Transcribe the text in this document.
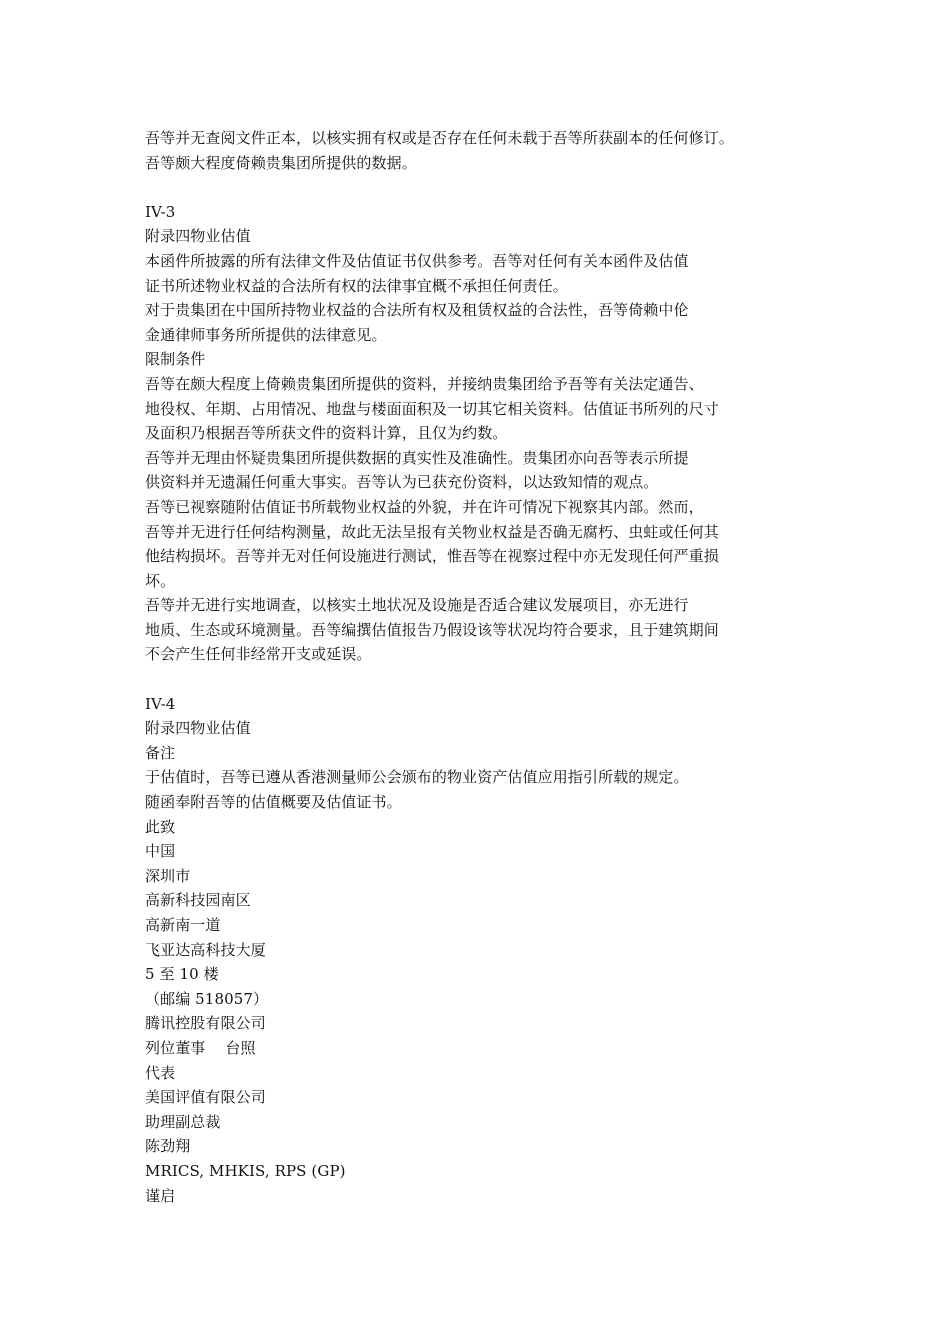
吾等并无查阅文件正本，以核实拥有权或是否存在任何未载于吾等所获副本的任何修订。
吾等颇大程度倚赖贵集团所提供的数据。
IV-3
附录四物业估值
本函件所披露的所有法律文件及估值证书仅供参考。吾等对任何有关本函件及估值
证书所述物业权益的合法所有权的法律事宜概不承担任何责任。
对于贵集团在中国所持物业权益的合法所有权及租赁权益的合法性，吾等倚赖中伦
金通律师事务所所提供的法律意见。
限制条件
吾等在颇大程度上倚赖贵集团所提供的资料，并接纳贵集团给予吾等有关法定通告、
地役权、年期、占用情况、地盘与楼面面积及一切其它相关资料。估值证书所列的尺寸
及面积乃根据吾等所获文件的资料计算，且仅为约数。
吾等并无理由怀疑贵集团所提供数据的真实性及准确性。贵集团亦向吾等表示所提
供资料并无遗漏任何重大事实。吾等认为已获充份资料，以达致知情的观点。
吾等已视察随附估值证书所载物业权益的外貌，并在许可情况下视察其内部。然而，
吾等并无进行任何结构测量，故此无法呈报有关物业权益是否确无腐朽、虫蛀或任何其
他结构损坏。吾等并无对任何设施进行测试，惟吾等在视察过程中亦无发现任何严重损
坏。
吾等并无进行实地调查，以核实土地状况及设施是否适合建议发展项目，亦无进行
地质、生态或环境测量。吾等编撰估值报告乃假设该等状况均符合要求，且于建筑期间
不会产生任何非经常开支或延误。
IV-4
附录四物业估值
备注
于估值时，吾等已遵从香港测量师公会颁布的物业资产估值应用指引所载的规定。
随函奉附吾等的估值概要及估值证书。
此致
中国
深圳市
高新科技园南区
高新南一道
飞亚达高科技大厦
5 至 10 楼
（邮编 518057）
腾讯控股有限公司
列位董事　 台照
代表
美国评值有限公司
助理副总裁
陈劲翔
MRICS, MHKIS, RPS (GP)
谨启
